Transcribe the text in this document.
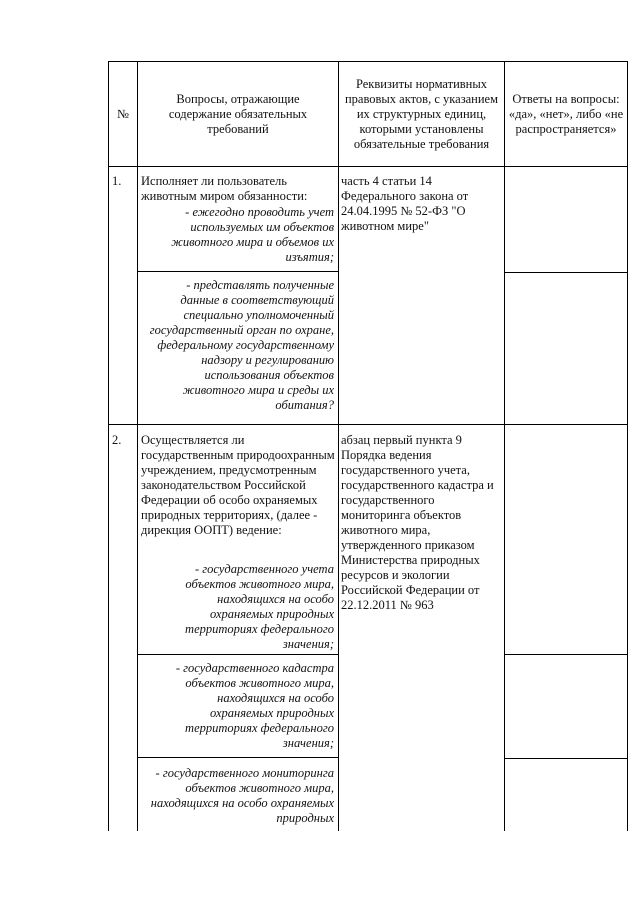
№
Вопросы, отражающие содержание обязательных требований
Реквизиты нормативных правовых актов, с указанием их структурных единиц, которыми установлены обязательные требования
Ответы на вопросы: «да», «нет», либо «не распространяется»
1.	Исполняет ли пользователь животным миром обязанности:
- ежегодно проводить учет используемых им объектов животного мира и объемов их изъятия;
- представлять полученные данные в соответствующий специально уполномоченный государственный орган по охране, федеральному государственному надзору и регулированию использования объектов животного мира и среды их обитания?
часть 4 статьи 14 Федерального закона от 24.04.1995 № 52-ФЗ "О животном мире"
2.	Осуществляется ли государственным природоохранным учреждением, предусмотренным законодательством Российской Федерации об особо охраняемых природных территориях, (далее - дирекция ООПТ) ведение:
- государственного учета объектов животного мира, находящихся на особо охраняемых природных территориях федерального значения;
- государственного кадастра объектов животного мира, находящихся на особо охраняемых природных территориях федерального значения;
- государственного мониторинга объектов животного мира, находящихся на особо охраняемых природных
абзац первый пункта 9 Порядка ведения государственного учета, государственного кадастра и государственного мониторинга объектов животного мира, утвержденного приказом Министерства природных ресурсов и экологии Российской Федерации от 22.12.2011 № 963
